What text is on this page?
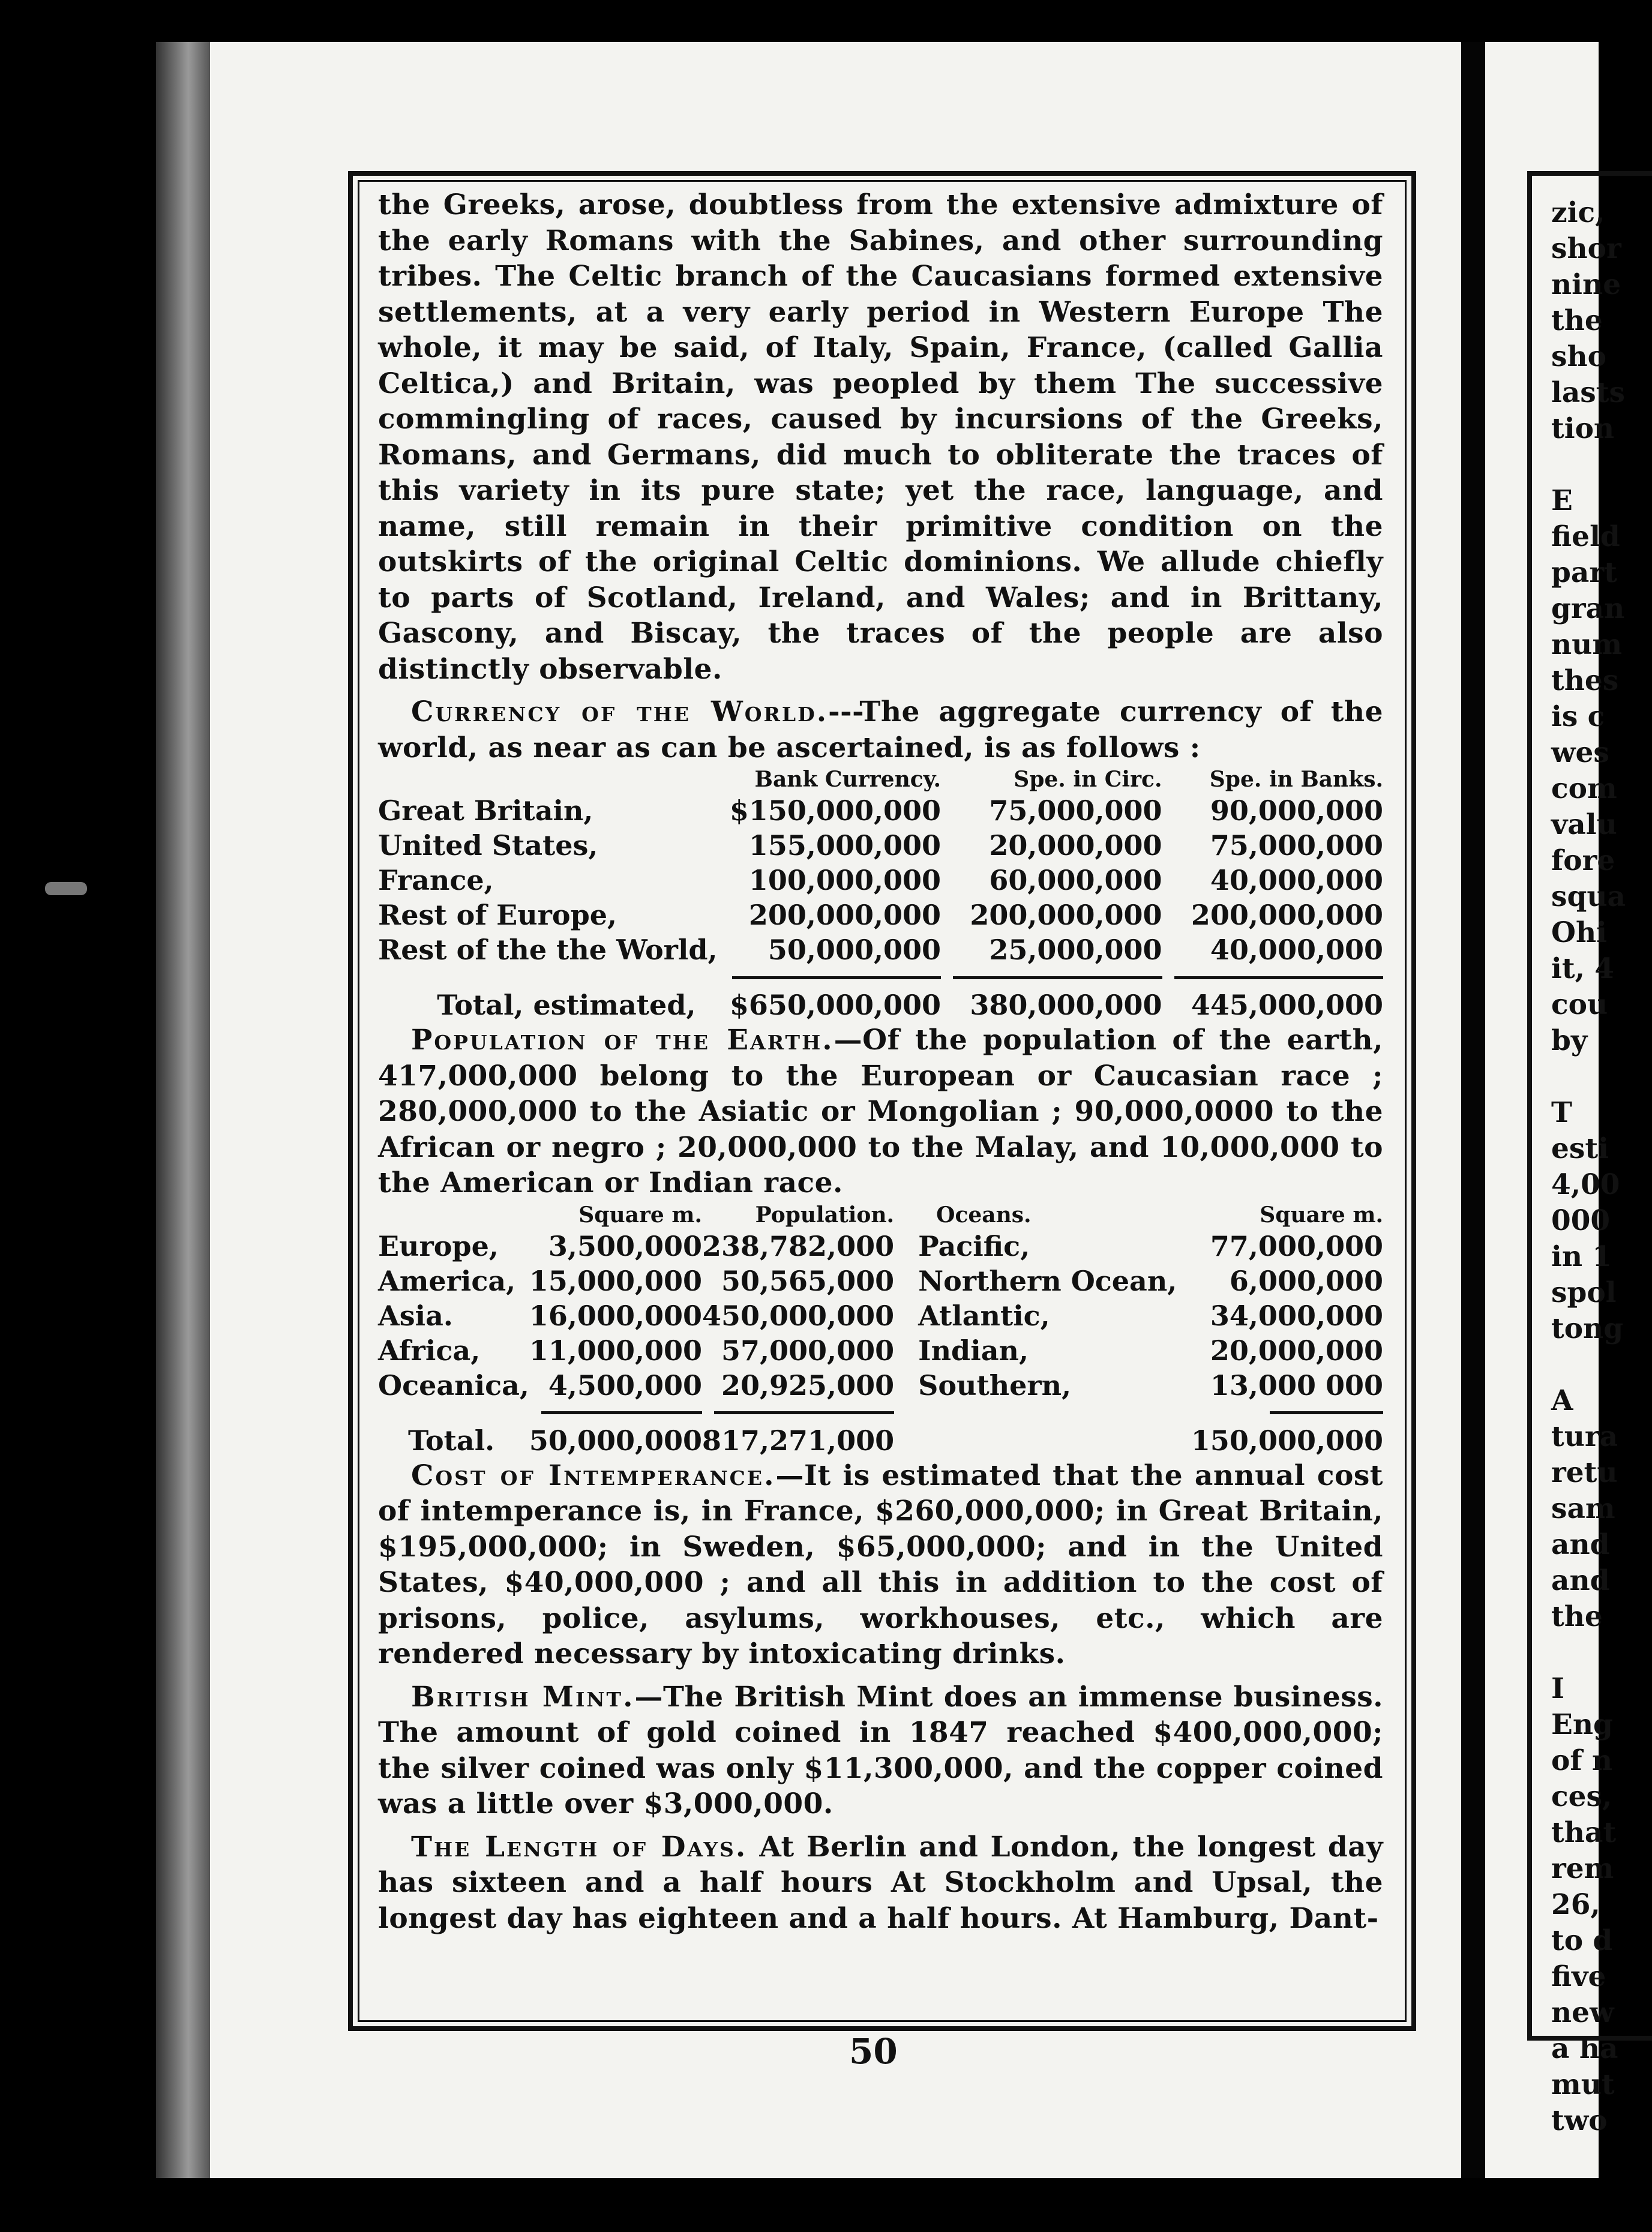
zic,
shor
nine
the
sho
lasts
tion

E
field
part
gran
num
thes
is c
wes
com
valu
fore
squa
Ohi
it, 4
cou
by

T
esti
4,00
000
in 1
spol
tong

A
tura
retu
sam
and
and
the

I
Eng
of n
ces,
that
rem
26,
to d
five
new
a ha
mut
two

the Greeks, arose, doubtless from the extensive admixture of the early Romans with the Sabines, and other surrounding tribes. The Celtic branch of the Caucasians formed extensive settlements, at a very early period in Western Europe The whole, it may be said, of Italy, Spain, France, (called Gallia Celtica,) and Britain, was peopled by them The successive commingling of races, caused by incursions of the Greeks, Romans, and Germans, did much to obliterate the traces of this variety in its pure state; yet the race, language, and name, still remain in their primitive condition on the outskirts of the original Celtic dominions. We allude chiefly to parts of Scotland, Ireland, and Wales; and in Brittany, Gascony, and Biscay, the traces of the people are also distinctly observable.

Currency of the World.---The aggregate currency of the world, as near as can be ascertained, is as follows :

	Bank Currency.	Spe. in Circ.	Spe. in Banks.
Great Britain,	$150,000,000	75,000,000	90,000,000
United States,	155,000,000	20,000,000	75,000,000
France,	100,000,000	60,000,000	40,000,000
Rest of Europe,	200,000,000	200,000,000	200,000,000
Rest of the the World,	50,000,000	25,000,000	40,000,000

Total, estimated,	$650,000,000	380,000,000	445,000,000

Population of the Earth.—Of the population of the earth, 417,000,000 belong to the European or Caucasian race ; 280,000,000 to the Asiatic or Mongolian ; 90,000,0000 to the African or negro ; 20,000,000 to the Malay, and 10,000,000 to the American or Indian race.

	Square m.	Population.	Oceans.	Square m.
Europe,	3,500,000	238,782,000	Pacific,	77,000,000
America,	15,000,000	50,565,000	Northern Ocean,	6,000,000
Asia.	16,000,000	450,000,000	Atlantic,	34,000,000
Africa,	11,000,000	57,000,000	Indian,	20,000,000
Oceanica,	4,500,000	20,925,000	Southern,	13,000 000

Total.	50,000,000	817,271,000		150,000,000

Cost of Intemperance.—It is estimated that the annual cost of intemperance is, in France, $260,000,000; in Great Britain, $195,000,000; in Sweden, $65,000,000; and in the United States, $40,000,000 ; and all this in addition to the cost of prisons, police, asylums, workhouses, etc., which are rendered necessary by intoxicating drinks.

British Mint.—The British Mint does an immense business. The amount of gold coined in 1847 reached $400,000,000; the silver coined was only $11,300,000, and the copper coined was a little over $3,000,000.

The Length of Days. At Berlin and London, the longest day has sixteen and a half hours At Stockholm and Upsal, the longest day has eighteen and a half hours. At Hamburg, Dant-

50
